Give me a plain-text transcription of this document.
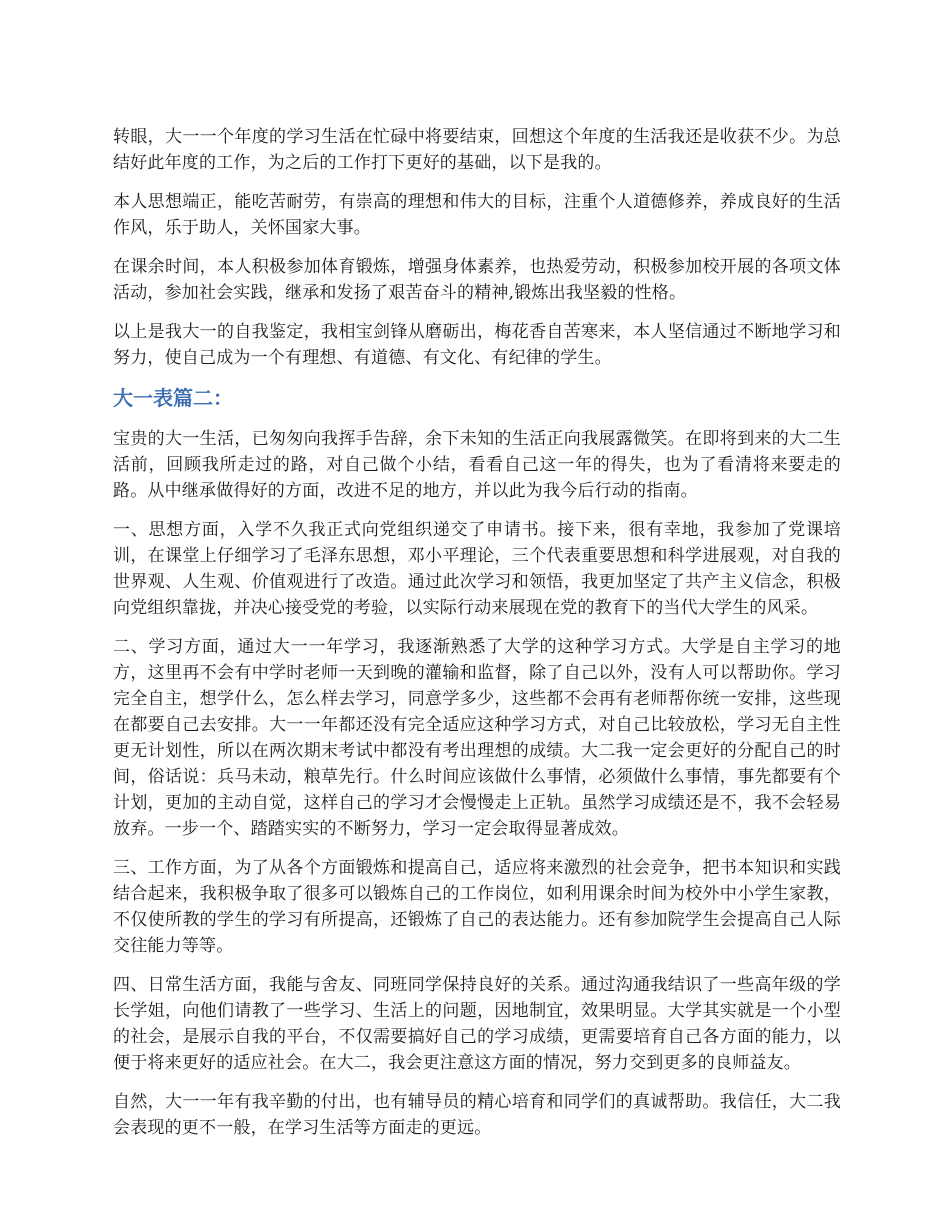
转眼，大一一个年度的学习生活在忙碌中将要结束，回想这个年度的生活我还是收获不少。为总结好此年度的工作，为之后的工作打下更好的基础，以下是我的。

本人思想端正，能吃苦耐劳，有崇高的理想和伟大的目标，注重个人道德修养，养成良好的生活作风，乐于助人，关怀国家大事。

在课余时间，本人积极参加体育锻炼，增强身体素养，也热爱劳动，积极参加校开展的各项文体活动，参加社会实践，继承和发扬了艰苦奋斗的精神,锻炼出我坚毅的性格。

以上是我大一的自我鉴定，我相宝剑锋从磨砺出，梅花香自苦寒来，本人坚信通过不断地学习和努力，使自己成为一个有理想、有道德、有文化、有纪律的学生。

大一表篇二：

宝贵的大一生活，已匆匆向我挥手告辞，余下未知的生活正向我展露微笑。在即将到来的大二生活前，回顾我所走过的路，对自己做个小结，看看自己这一年的得失，也为了看清将来要走的路。从中继承做得好的方面，改进不足的地方，并以此为我今后行动的指南。

一、思想方面，入学不久我正式向党组织递交了申请书。接下来，很有幸地，我参加了党课培训，在课堂上仔细学习了毛泽东思想，邓小平理论，三个代表重要思想和科学进展观，对自我的世界观、人生观、价值观进行了改造。通过此次学习和领悟，我更加坚定了共产主义信念，积极向党组织靠拢，并决心接受党的考验，以实际行动来展现在党的教育下的当代大学生的风采。

二、学习方面，通过大一一年学习，我逐渐熟悉了大学的这种学习方式。大学是自主学习的地方，这里再不会有中学时老师一天到晚的灌输和监督，除了自己以外，没有人可以帮助你。学习完全自主，想学什么，怎么样去学习，同意学多少，这些都不会再有老师帮你统一安排，这些现在都要自己去安排。大一一年都还没有完全适应这种学习方式，对自己比较放松，学习无自主性更无计划性，所以在两次期末考试中都没有考出理想的成绩。大二我一定会更好的分配自己的时间，俗话说：兵马未动，粮草先行。什么时间应该做什么事情，必须做什么事情，事先都要有个计划，更加的主动自觉，这样自己的学习才会慢慢走上正轨。虽然学习成绩还是不，我不会轻易放弃。一步一个、踏踏实实的不断努力，学习一定会取得显著成效。

三、工作方面，为了从各个方面锻炼和提高自己，适应将来激烈的社会竞争，把书本知识和实践结合起来，我积极争取了很多可以锻炼自己的工作岗位，如利用课余时间为校外中小学生家教，不仅使所教的学生的学习有所提高，还锻炼了自己的表达能力。还有参加院学生会提高自己人际交往能力等等。

四、日常生活方面，我能与舍友、同班同学保持良好的关系。通过沟通我结识了一些高年级的学长学姐，向他们请教了一些学习、生活上的问题，因地制宜，效果明显。大学其实就是一个小型的社会，是展示自我的平台，不仅需要搞好自己的学习成绩，更需要培育自己各方面的能力，以便于将来更好的适应社会。在大二，我会更注意这方面的情况，努力交到更多的良师益友。

自然，大一一年有我辛勤的付出，也有辅导员的精心培育和同学们的真诚帮助。我信任，大二我会表现的更不一般，在学习生活等方面走的更远。
